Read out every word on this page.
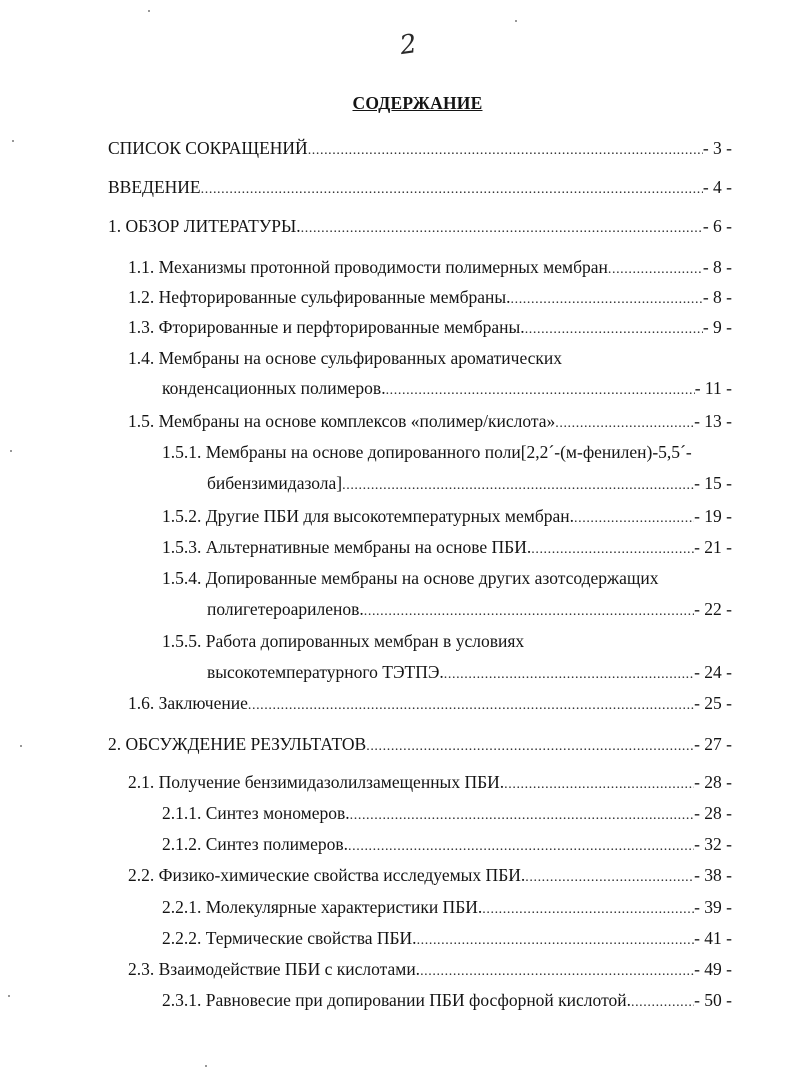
2
СОДЕРЖАНИЕ
СПИСОК СОКРАЩЕНИЙ .....	- 3 -
ВВЕДЕНИЕ .....	- 4 -
1. ОБЗОР ЛИТЕРАТУРЫ. .....	- 6 -
1.1. Механизмы протонной проводимости полимерных мембран .....	- 8 -
1.2. Нефторированные сульфированные мембраны. .....	- 8 -
1.3. Фторированные и перфторированные мембраны. .....	- 9 -
1.4. Мембраны на основе сульфированных ароматических
конденсационных полимеров. .....	- 11 -
1.5. Мембраны на основе комплексов «полимер/кислота» .....	- 13 -
1.5.1. Мембраны на основе допированного поли[2,2´-(м-фенилен)-5,5´-
бибензимидазола] .....	- 15 -
1.5.2. Другие ПБИ для высокотемпературных мембран. .....	- 19 -
1.5.3. Альтернативные мембраны на основе ПБИ. .....	- 21 -
1.5.4. Допированные мембраны на основе других азотсодержащих
полигетероариленов. .....	- 22 -
1.5.5. Работа допированных мембран в условиях
высокотемпературного ТЭТПЭ. .....	- 24 -
1.6. Заключение .....	- 25 -
2. ОБСУЖДЕНИЕ РЕЗУЛЬТАТОВ .....	- 27 -
2.1. Получение бензимидазолилзамещенных ПБИ. .....	- 28 -
2.1.1. Синтез мономеров. .....	- 28 -
2.1.2. Синтез полимеров. .....	- 32 -
2.2. Физико-химические свойства исследуемых ПБИ. .....	- 38 -
2.2.1. Молекулярные характеристики ПБИ. .....	- 39 -
2.2.2. Термические свойства ПБИ. .....	- 41 -
2.3. Взаимодействие ПБИ с кислотами. .....	- 49 -
2.3.1. Равновесие при допировании ПБИ фосфорной кислотой. .....	- 50 -
